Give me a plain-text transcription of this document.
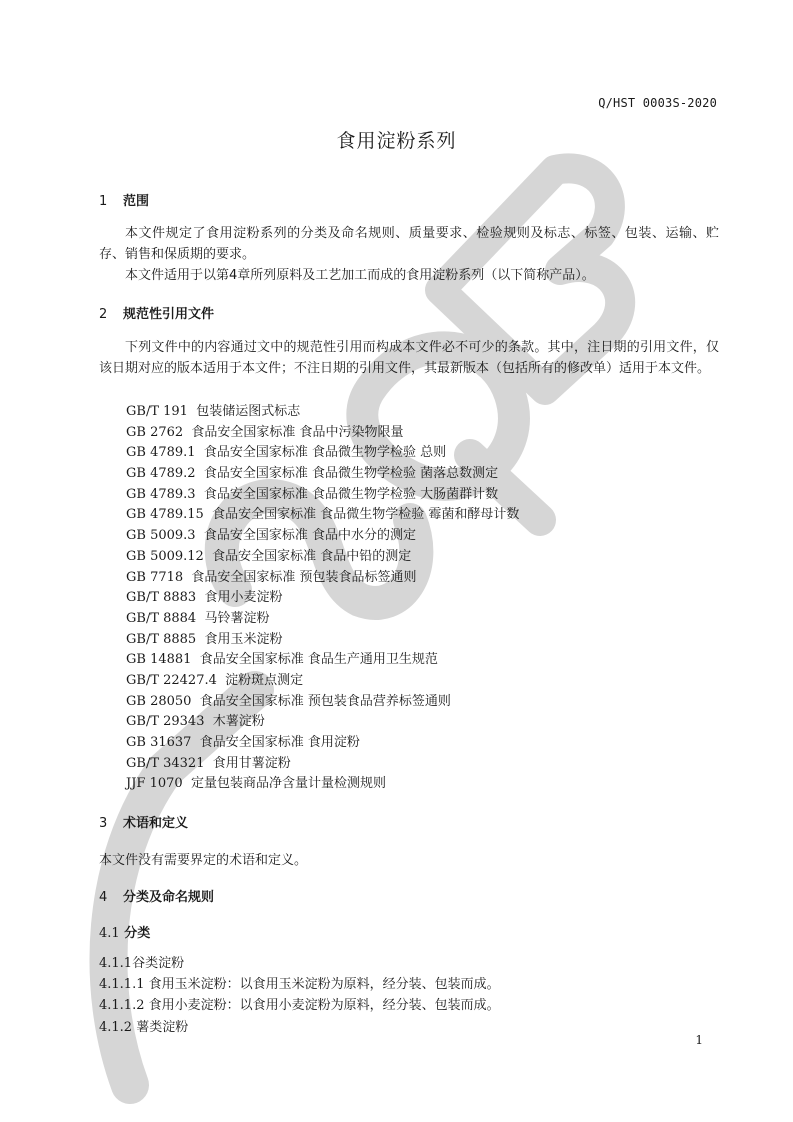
Q/HST 0003S-2020
食用淀粉系列
1 范围
本文件规定了食用淀粉系列的分类及命名规则、质量要求、检验规则及标志、标签、包装、运输、贮存、销售和保质期的要求。
本文件适用于以第4章所列原料及工艺加工而成的食用淀粉系列（以下简称产品）。
2 规范性引用文件
下列文件中的内容通过文中的规范性引用而构成本文件必不可少的条款。其中，注日期的引用文件，仅该日期对应的版本适用于本文件；不注日期的引用文件，其最新版本（包括所有的修改单）适用于本文件。
GB/T 191 包装储运图式标志
GB 2762 食品安全国家标准 食品中污染物限量
GB 4789.1 食品安全国家标准 食品微生物学检验 总则
GB 4789.2 食品安全国家标准 食品微生物学检验 菌落总数测定
GB 4789.3 食品安全国家标准 食品微生物学检验 大肠菌群计数
GB 4789.15 食品安全国家标准 食品微生物学检验 霉菌和酵母计数
GB 5009.3 食品安全国家标准 食品中水分的测定
GB 5009.12 食品安全国家标准 食品中铅的测定
GB 7718 食品安全国家标准 预包装食品标签通则
GB/T 8883 食用小麦淀粉
GB/T 8884 马铃薯淀粉
GB/T 8885 食用玉米淀粉
GB 14881 食品安全国家标准 食品生产通用卫生规范
GB/T 22427.4 淀粉斑点测定
GB 28050 食品安全国家标准 预包装食品营养标签通则
GB/T 29343 木薯淀粉
GB 31637 食品安全国家标准 食用淀粉
GB/T 34321 食用甘薯淀粉
JJF 1070 定量包装商品净含量计量检测规则
3 术语和定义
本文件没有需要界定的术语和定义。
4 分类及命名规则
4.1 分类
4.1.1谷类淀粉
4.1.1.1 食用玉米淀粉：以食用玉米淀粉为原料，经分装、包装而成。
4.1.1.2 食用小麦淀粉：以食用小麦淀粉为原料，经分装、包装而成。
4.1.2 薯类淀粉
1
